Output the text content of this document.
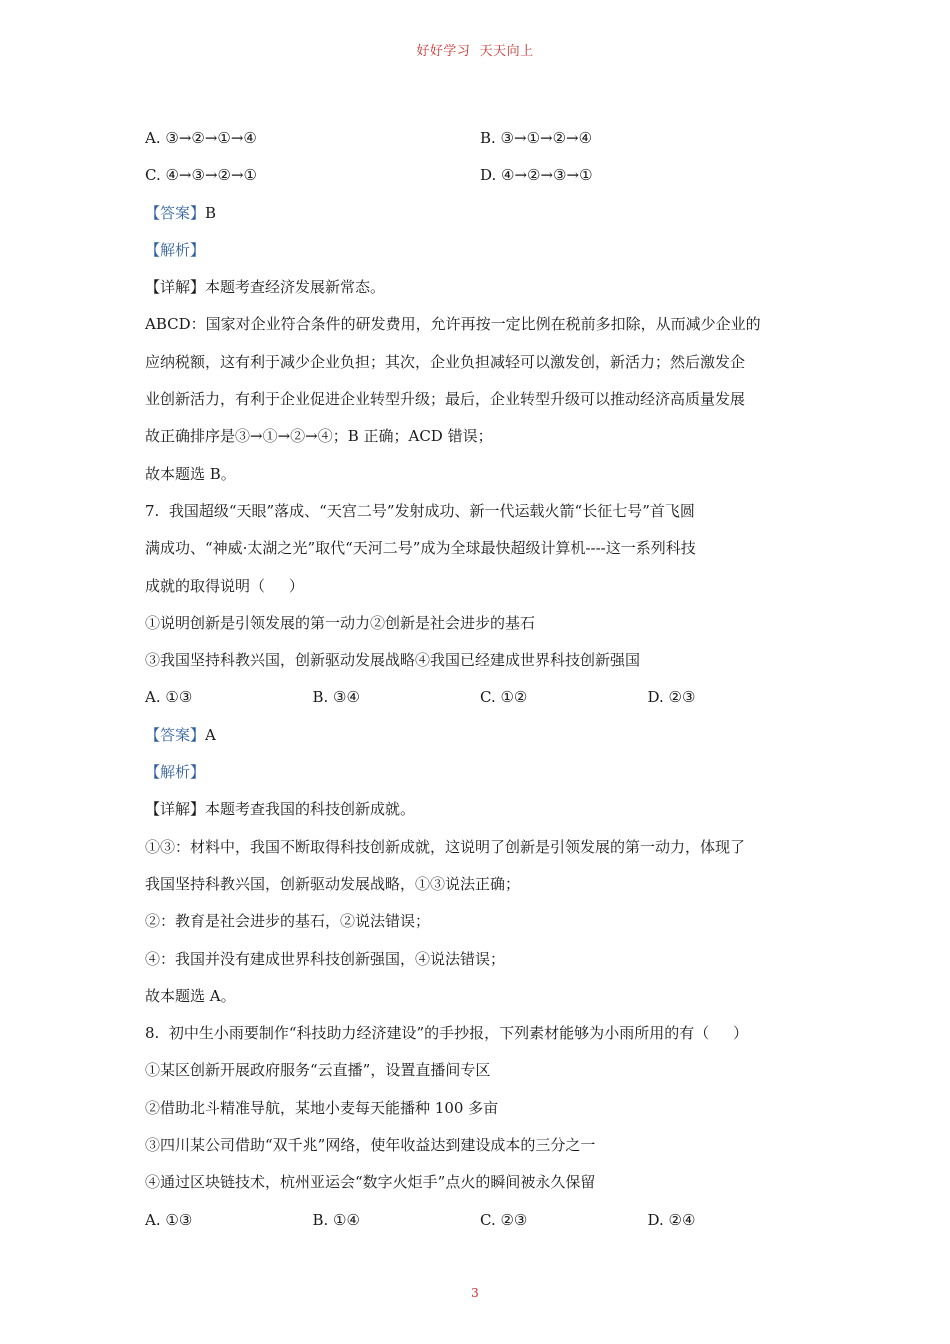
好好学习  天天向上
A. ③→②→①→④	B. ③→①→②→④
C. ④→③→②→①	D. ④→②→③→①
【答案】B
【解析】
【详解】本题考查经济发展新常态。
ABCD：国家对企业符合条件的研发费用，允许再按一定比例在税前多扣除，从而减少企业的
应纳税额，这有利于减少企业负担；其次，企业负担减轻可以激发创，新活力；然后激发企
业创新活力，有利于企业促进企业转型升级；最后，企业转型升级可以推动经济高质量发展
故正确排序是③→①→②→④；B 正确；ACD 错误；
故本题选 B。
7.  我国超级“天眼”落成、“天宫二号”发射成功、新一代运载火箭“长征七号”首飞圆
满成功、“神威·太湖之光”取代“天河二号”成为全球最快超级计算机----这一系列科技
成就的取得说明（     ）
①说明创新是引领发展的第一动力②创新是社会进步的基石
③我国坚持科教兴国，创新驱动发展战略④我国已经建成世界科技创新强国
A. ①③	B. ③④	C. ①②	D. ②③
【答案】A
【解析】
【详解】本题考查我国的科技创新成就。
①③：材料中，我国不断取得科技创新成就，这说明了创新是引领发展的第一动力，体现了
我国坚持科教兴国，创新驱动发展战略，①③说法正确；
②：教育是社会进步的基石，②说法错误；
④：我国并没有建成世界科技创新强国，④说法错误；
故本题选 A。
8.  初中生小雨要制作“科技助力经济建设”的手抄报，下列素材能够为小雨所用的有（     ）
①某区创新开展政府服务“云直播”，设置直播间专区
②借助北斗精准导航，某地小麦每天能播种 100 多亩
③四川某公司借助“双千兆”网络，使年收益达到建设成本的三分之一
④通过区块链技术，杭州亚运会“数字火炬手”点火的瞬间被永久保留
A. ①③	B. ①④	C. ②③	D. ②④
3
